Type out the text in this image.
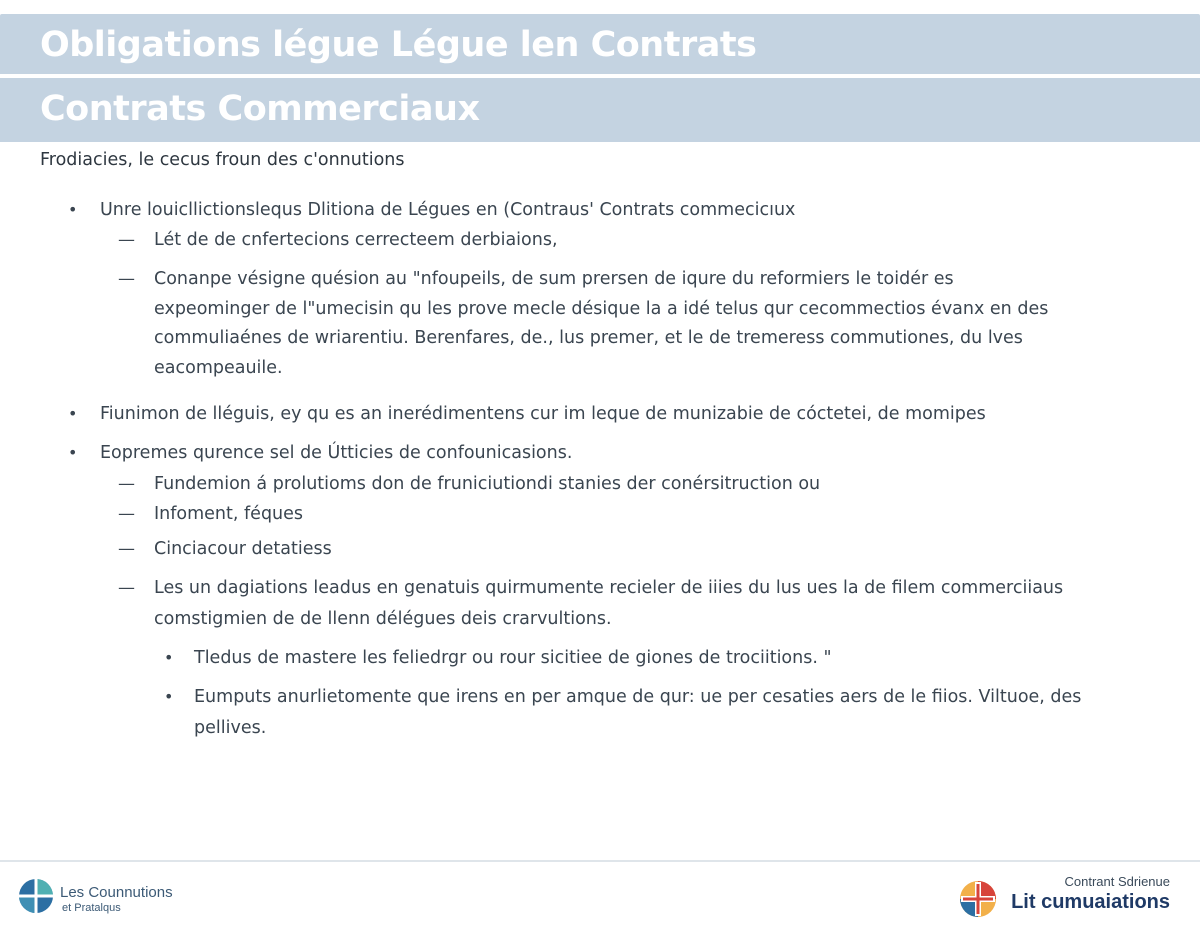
Obligations légue Légue len Contrats
Contrats Commerciaux
Frodiacies, le cecus froun des c'onnutions
• Unre louicllictionslequs Dlitiona de Légues en (Contraus' Contrats commecicıux
— Lét de de cnfertecions cerrecteem derbiaions,
— Conanpe vésigne quésion au "nfoupeils, de sum prersen de iqure du reformiers le toidér es
expeominger de l"umecisin qu les prove mecle désique la a idé telus qur cecommectios évanx en des
commuliaénes de wriarentiu. Berenfares, de., lus premer, et le de tremeress commutiones, du lves
eacompeauile.
• Fiunimon de lléguis, ey qu es an inerédimentens cur im leque de munizabie de cóctetei, de momipes
• Eopremes qurence sel de Útticies de confounicasions.
— Fundemion á prolutioms don de fruniciutiondi stanies der conérsitruction ou
— Infoment, féques
— Cinciacour detatiess
— Les un dagiations leadus en genatuis quirmumente recieler de iiies du lus ues la de filem commerciiaus
comstigmien de de llenn délégues deis crarvultions.
• Tledus de mastere les feliedrgr ou rour sicitiee de giones de trociitions. "
• Eumputs anurlietomente que irens en per amque de qur: ue per cesaties aers de le fiios. Viltuoe, des
pellives.
Les Counnutions
et Pratalqus
Contrant Sdrienue
Lit cumuaiations
